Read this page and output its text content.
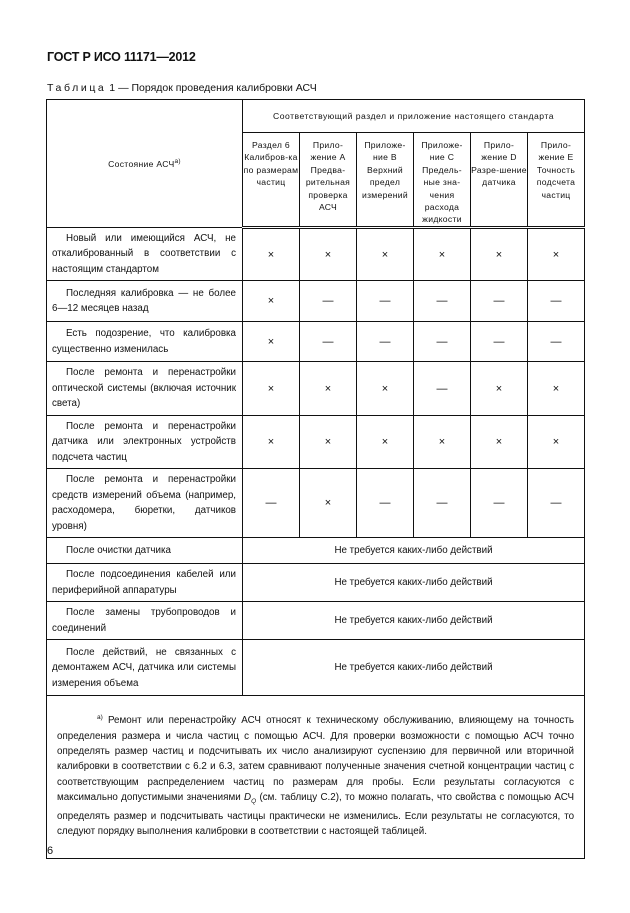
ГОСТ Р ИСО 11171—2012
Таблица 1 — Порядок проведения калибровки АСЧ
Состояние АСЧ$^{а)}$	Соответствующий раздел и приложение настоящего стандарта					
	Раздел 6 Калибров-ка по размерам частиц	Прило-жение А Предва-рительная проверка АСЧ	Приложе-ние В Верхний предел измерений	Приложе-ние С Предель-ные зна-чения расхода жидкости	Прило-жение D Разре-шение датчика	Прило-жение E Точность подсчета частиц
Новый или имеющийся АСЧ, не откалиброванный в соответствии с настоящим стандартом	×	×	×	×	×	×
Последняя калибровка — не более 6—12 месяцев назад	×	—	—	—	—	—
Есть подозрение, что калибровка существенно изменилась	×	—	—	—	—	—
После ремонта и перенастройки оптической системы (включая источник света)	×	×	×	—	×	×
После ремонта и перенастройки датчика или электронных устройств подсчета частиц	×	×	×	×	×	×
После ремонта и перенастройки средств измерений объема (например, расходомера, бюретки, датчиков уровня)	—	×	—	—	—	—
После очистки датчика	Не требуется каких-либо действий					
После подсоединения кабелей или периферийной аппаратуры	Не требуется каких-либо действий					
После замены трубопроводов и соединений	Не требуется каких-либо действий					
После действий, не связанных с демонтажем АСЧ, датчика или системы измерения объема	Не требуется каких-либо действий					
$^{а)}$ Ремонт или перенастройку АСЧ относят к техническому обслуживанию, влияющему на точность определения размера и числа частиц с помощью АСЧ. Для проверки возможности с помощью АСЧ точно определять размер частиц и подсчитывать их число анализируют суспензию для первичной или вторичной калибровки в соответствии с 6.2 и 6.3, затем сравнивают полученные значения счетной концентрации частиц с соответствующим распределением частиц по размерам для пробы. Если результаты согласуются с максимально допустимыми значениями $D_Q$ (см. таблицу С.2), то можно полагать, что свойства с помощью АСЧ определять размер и подсчитывать частицы практически не изменились. Если результаты не согласуются, то следуют порядку выполнения калибровки в соответствии с настоящей таблицей.						
6
